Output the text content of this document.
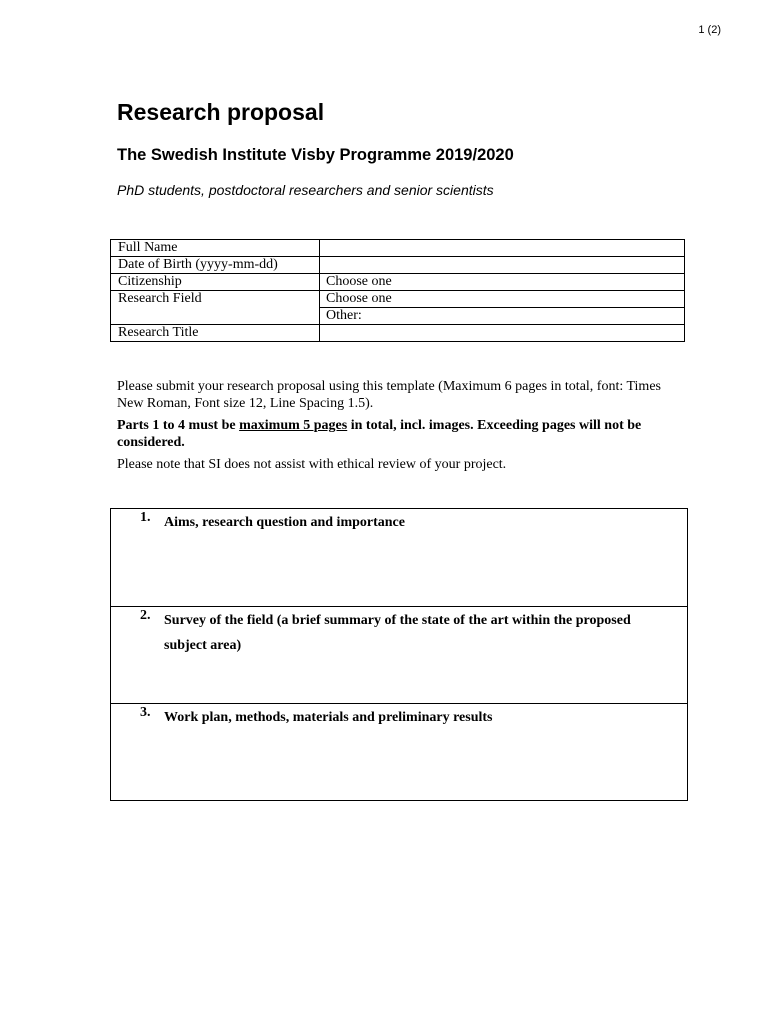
1 (2)
Research proposal
The Swedish Institute Visby Programme 2019/2020

PhD students, postdoctoral researchers and senior scientists

Full Name	
Date of Birth (yyyy-mm-dd)	
Citizenship	Choose one
Research Field	Choose one
	Other:
Research Title	

Please submit your research proposal using this template (Maximum 6 pages in total, font: Times New Roman, Font size 12, Line Spacing 1.5).

Parts 1 to 4 must be maximum 5 pages in total, incl. images. Exceeding pages will not be considered.

Please note that SI does not assist with ethical review of your project.

1. Aims, research question and importance
2. Survey of the field (a brief summary of the state of the art within the proposed subject area)
3. Work plan, methods, materials and preliminary results
